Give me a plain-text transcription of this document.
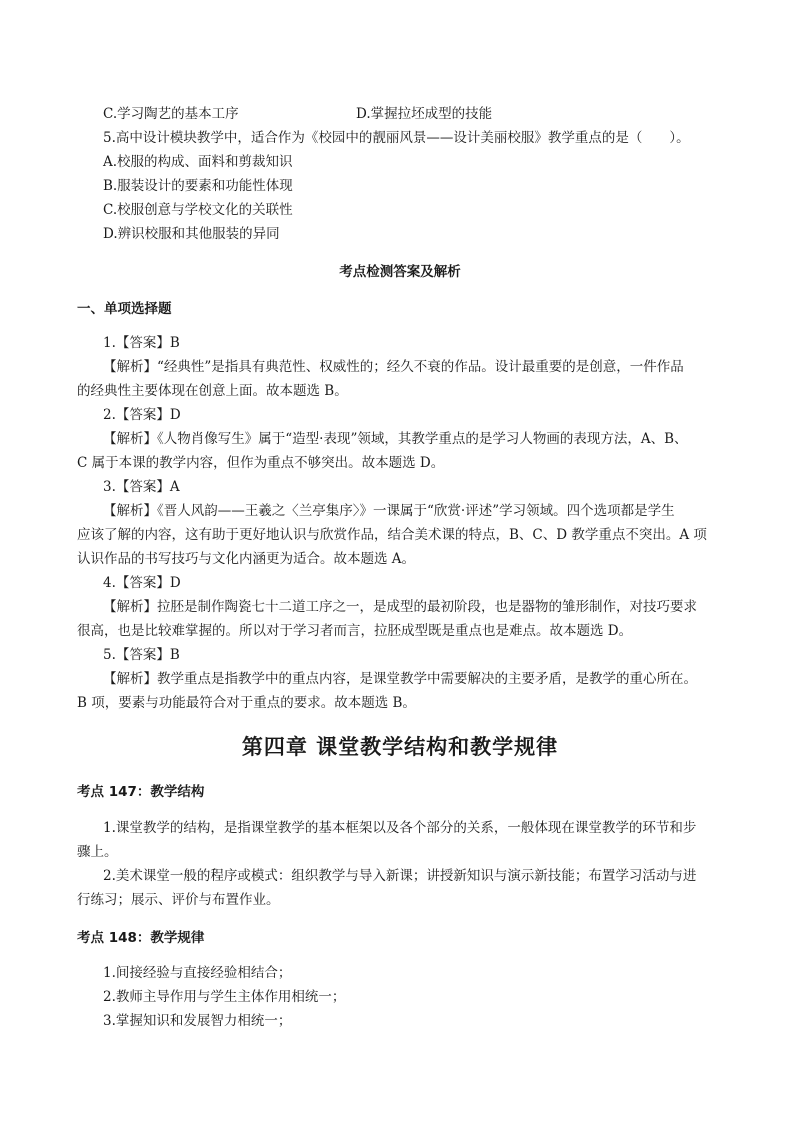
C.学习陶艺的基本工序	D.掌握拉坯成型的技能
5.高中设计模块教学中，适合作为《校园中的靓丽风景——设计美丽校服》教学重点的是（　　）。
A.校服的构成、面料和剪裁知识
B.服装设计的要素和功能性体现
C.校服创意与学校文化的关联性
D.辨识校服和其他服装的异同
考点检测答案及解析
一、单项选择题
1.【答案】B
【解析】“经典性”是指具有典范性、权威性的；经久不衰的作品。设计最重要的是创意，一件作品
的经典性主要体现在创意上面。故本题选 B。
2.【答案】D
【解析】《人物肖像写生》属于“造型·表现”领域，其教学重点的是学习人物画的表现方法，A、B、
C 属于本课的教学内容，但作为重点不够突出。故本题选 D。
3.【答案】A
【解析】《晋人风韵——王羲之〈兰亭集序〉》一课属于“欣赏·评述”学习领域。四个选项都是学生
应该了解的内容，这有助于更好地认识与欣赏作品，结合美术课的特点，B、C、D 教学重点不突出。A 项
认识作品的书写技巧与文化内涵更为适合。故本题选 A。
4.【答案】D
【解析】拉胚是制作陶瓷七十二道工序之一，是成型的最初阶段，也是器物的雏形制作，对技巧要求
很高，也是比较难掌握的。所以对于学习者而言，拉胚成型既是重点也是难点。故本题选 D。
5.【答案】B
【解析】教学重点是指教学中的重点内容，是课堂教学中需要解决的主要矛盾，是教学的重心所在。
B 项，要素与功能最符合对于重点的要求。故本题选 B。
第四章 课堂教学结构和教学规律
考点 147：教学结构
1.课堂教学的结构，是指课堂教学的基本框架以及各个部分的关系，一般体现在课堂教学的环节和步
骤上。
2.美术课堂一般的程序或模式：组织教学与导入新课；讲授新知识与演示新技能；布置学习活动与进
行练习；展示、评价与布置作业。
考点 148：教学规律
1.间接经验与直接经验相结合；
2.教师主导作用与学生主体作用相统一；
3.掌握知识和发展智力相统一；
